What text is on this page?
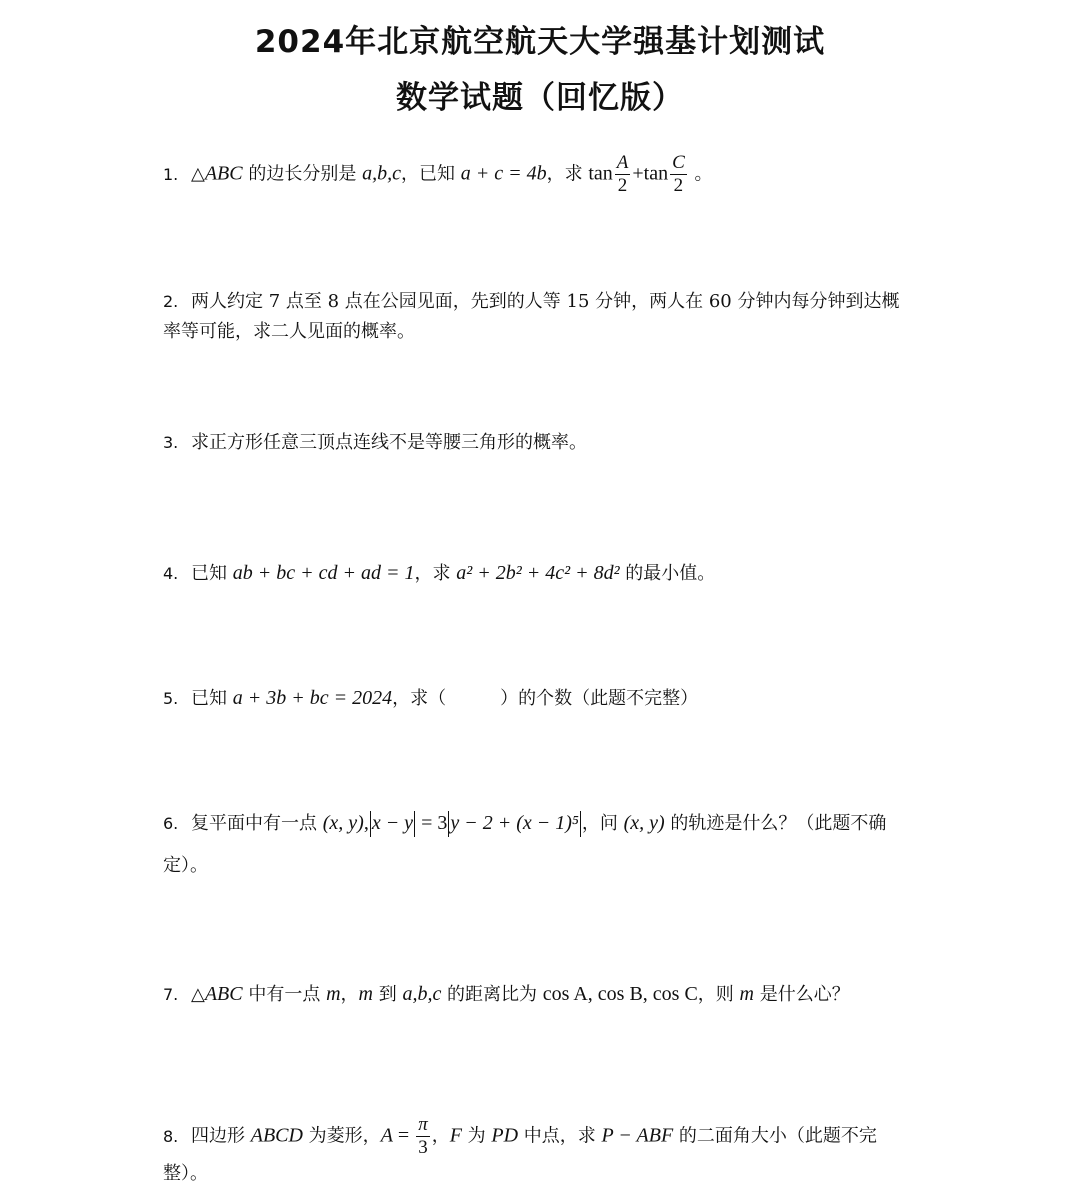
2024年北京航空航天大学强基计划测试
数学试题（回忆版）
1. △ABC 的边长分别是 a,b,c，已知 a + c = 4b，求 $\tan \frac{A}{2} +\tan \frac{C}{2}$ 。
2. 两人约定 7 点至 8 点在公园见面，先到的人等 15 分钟，两人在 60 分钟内每分钟到达概
率等可能，求二人见面的概率。
3. 求正方形任意三顶点连线不是等腰三角形的概率。
4. 已知 ab + bc + cd + ad = 1，求 a² + 2b² + 4c² + 8d² 的最小值。
5. 已知 a + 3b + bc = 2024，求（　　　）的个数（此题不完整）
6. 复平面中有一点 (x, y), x − y = 3 y − 2 + (x − 1)⁵ ，问 (x, y) 的轨迹是什么？（此题不确
定）。
7. △ABC 中有一点 m，m 到 a,b,c 的距离比为 cos A, cos B, cos C，则 m 是什么心？
8. 四边形 ABCD 为菱形，$A = \frac{\pi}{3}$ ，F 为 PD 中点，求 P − ABF 的二面角大小（此题不完
整）。
